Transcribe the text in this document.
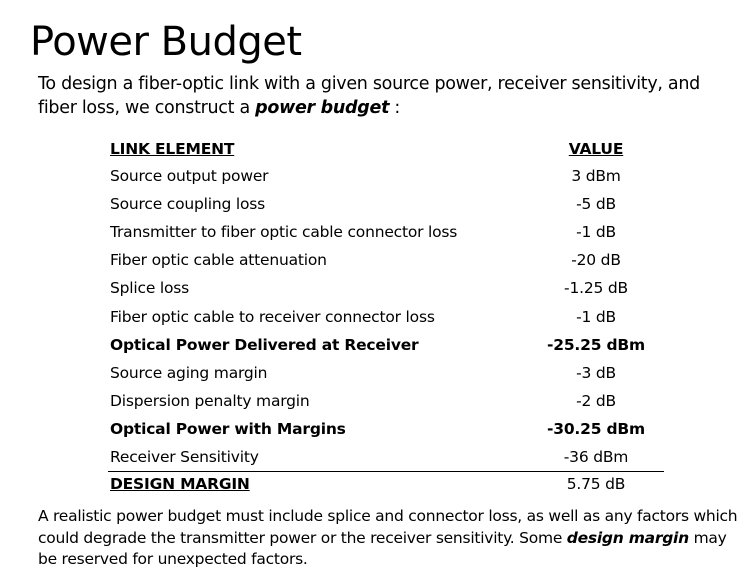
Power Budget
To design a fiber-optic link with a given source power, receiver sensitivity, and fiber loss, we construct a power budget :
LINK ELEMENT	VALUE
Source output power	3 dBm
Source coupling loss	-5 dB
Transmitter to fiber optic cable connector loss	-1 dB
Fiber optic cable attenuation	-20 dB
Splice loss	-1.25 dB
Fiber optic cable to receiver connector loss	-1 dB
Optical Power Delivered at Receiver	-25.25 dBm
Source aging margin	-3 dB
Dispersion penalty margin	-2 dB
Optical Power with Margins	-30.25 dBm
Receiver Sensitivity	-36 dBm
DESIGN MARGIN	5.75 dB
A realistic power budget must include splice and connector loss, as well as any factors which could degrade the transmitter power or the receiver sensitivity. Some design margin may be reserved for unexpected factors.
